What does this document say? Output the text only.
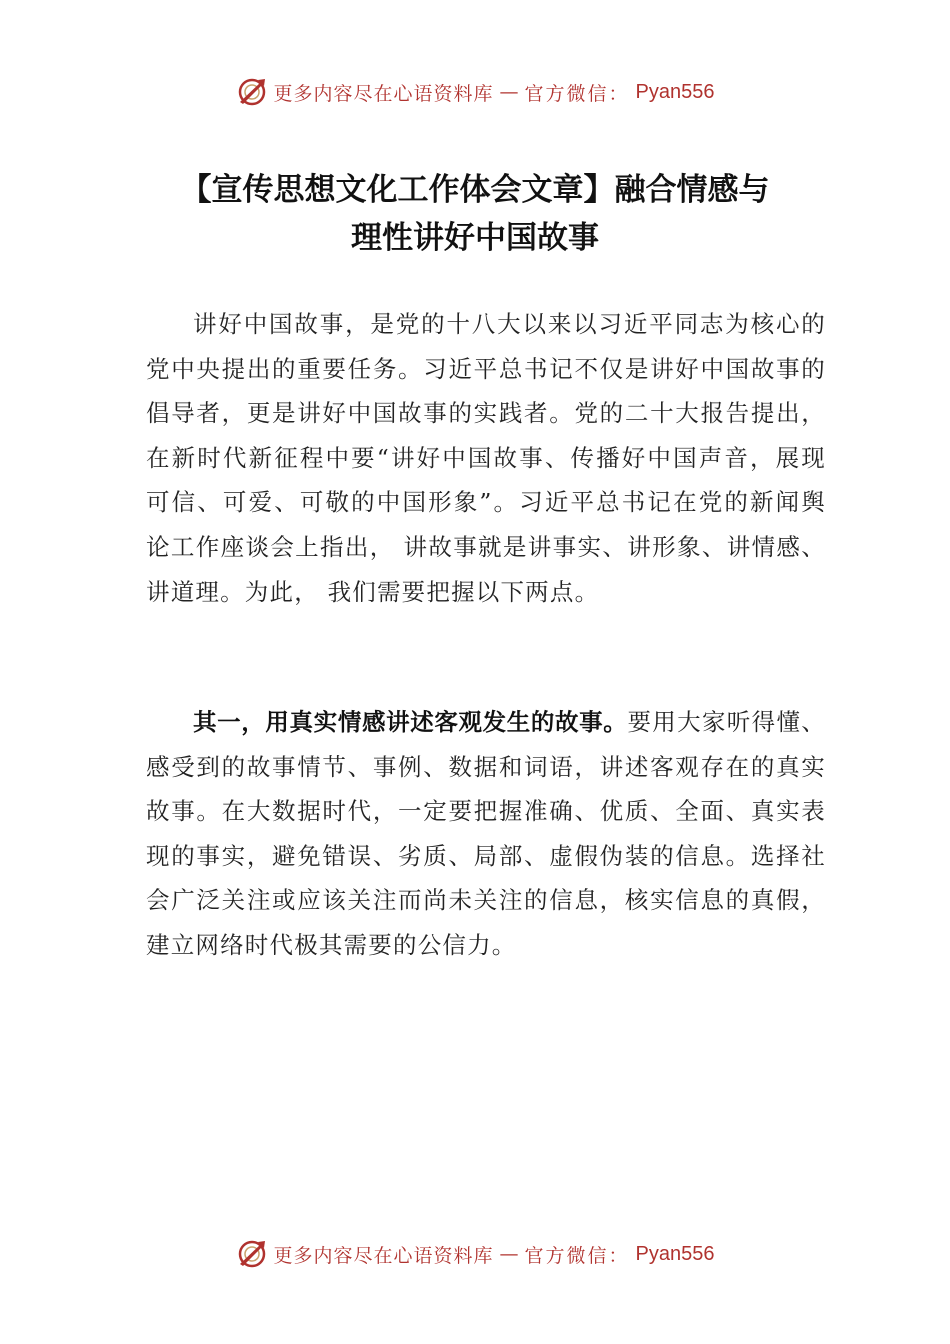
更多内容尽在心语资料库 — 官方微信： Pyan556
【宣传思想文化工作体会文章】融合情感与
理性讲好中国故事

讲好中国故事，是党的十八大以来以习近平同志为核心的党中央提出的重要任务。习近平总书记不仅是讲好中国故事的倡导者，更是讲好中国故事的实践者。党的二十大报告提出，在新时代新征程中要“讲好中国故事、传播好中国声音，展现可信、可爱、可敬的中国形象”。习近平总书记在党的新闻舆论工作座谈会上指出， 讲故事就是讲事实、讲形象、讲情感、讲道理。为此， 我们需要把握以下两点。

其一，用真实情感讲述客观发生的故事。要用大家听得懂、感受到的故事情节、事例、数据和词语，讲述客观存在的真实故事。在大数据时代，一定要把握准确、优质、全面、真实表现的事实，避免错误、劣质、局部、虚假伪装的信息。选择社会广泛关注或应该关注而尚未关注的信息，核实信息的真假，建立网络时代极其需要的公信力。

更多内容尽在心语资料库 — 官方微信： Pyan556
